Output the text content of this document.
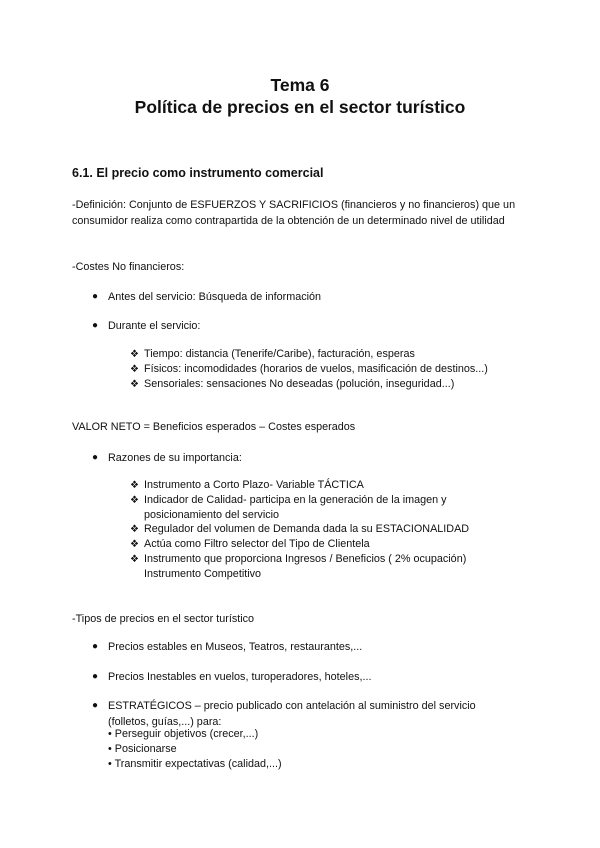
Tema 6
Política de precios en el sector turístico
6.1. El precio como instrumento comercial

-Definición: Conjunto de ESFUERZOS Y SACRIFICIOS (financieros y no financieros) que un consumidor realiza como contrapartida de la obtención de un determinado nivel de utilidad

-Costes No financieros:

● Antes del servicio: Búsqueda de información
● Durante el servicio:
❖ Tiempo: distancia (Tenerife/Caribe), facturación, esperas
❖ Físicos: incomodidades (horarios de vuelos, masificación de destinos...)
❖ Sensoriales: sensaciones No deseadas (polución, inseguridad...)

VALOR NETO = Beneficios esperados – Costes esperados

● Razones de su importancia:
❖ Instrumento a Corto Plazo- Variable TÁCTICA
❖ Indicador de Calidad- participa en la generación de la imagen y posicionamiento del servicio
❖ Regulador del volumen de Demanda dada la su ESTACIONALIDAD
❖ Actúa como Filtro selector del Tipo de Clientela
❖ Instrumento que proporciona Ingresos / Beneficios ( 2% ocupación) Instrumento Competitivo

-Tipos de precios en el sector turístico

● Precios estables en Museos, Teatros, restaurantes,...
● Precios Inestables en vuelos, turoperadores, hoteles,...
● ESTRATÉGICOS – precio publicado con antelación al suministro del servicio (folletos, guías,...) para:
• Perseguir objetivos (crecer,...)
• Posicionarse
• Transmitir expectativas (calidad,...)
